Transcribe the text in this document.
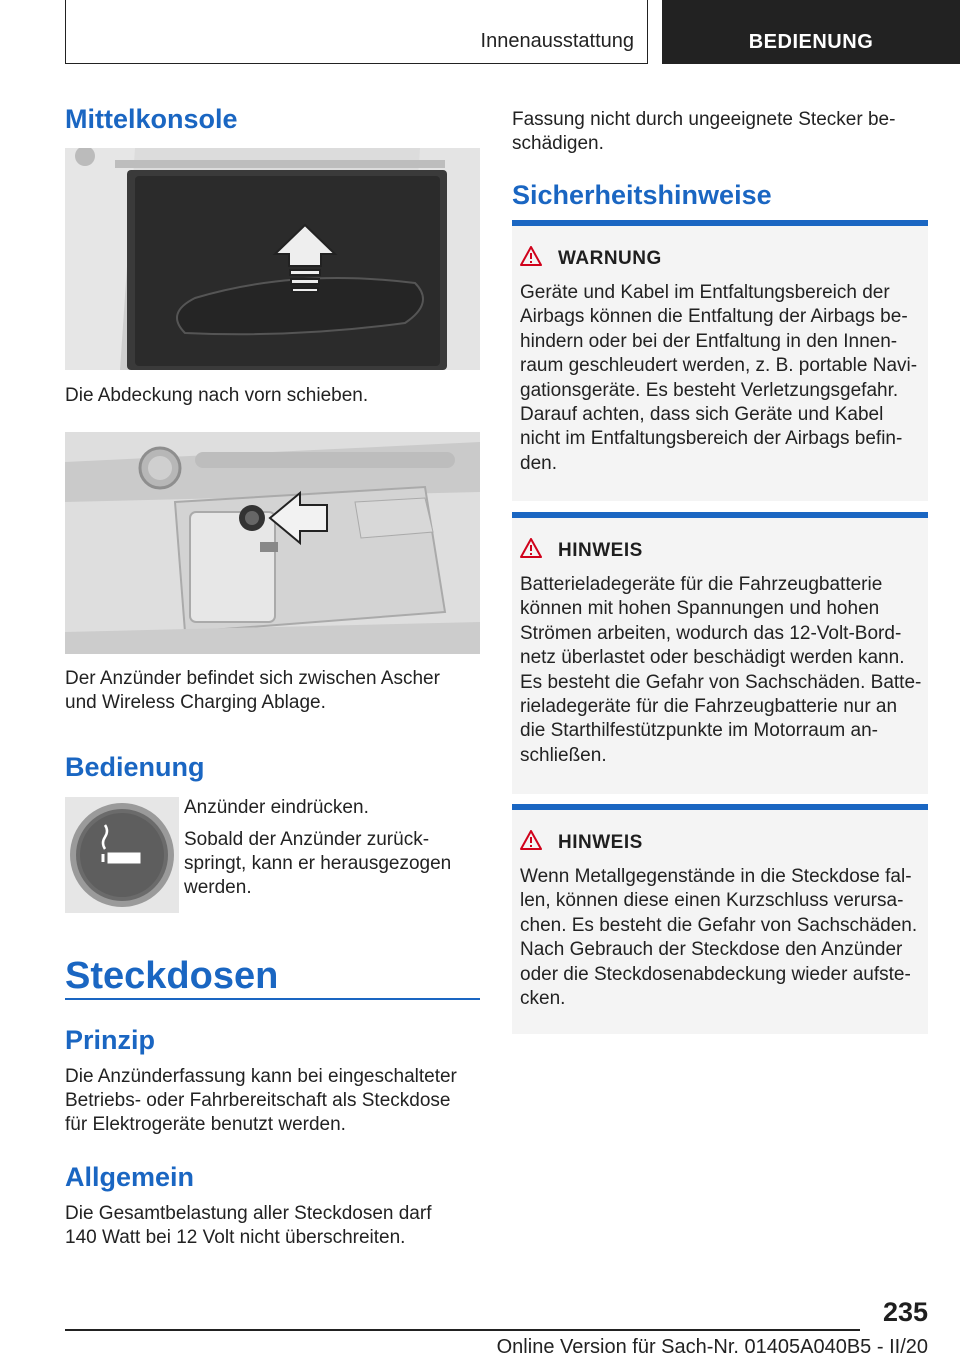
Innenausstattung	BEDIENUNG
Mittelkonsole

Die Abdeckung nach vorn schieben.

Der Anzünder befindet sich zwischen Ascher und Wireless Charging Ablage.

Bedienung

Anzünder eindrücken.

Sobald der Anzünder zurückspringt, kann er herausgezogen werden.

Steckdosen
Prinzip

Die Anzünderfassung kann bei eingeschalteter Betriebs- oder Fahrbereitschaft als Steckdose für Elektrogeräte benutzt werden.

Allgemein

Die Gesamtbelastung aller Steckdosen darf 140 Watt bei 12 Volt nicht überschreiten.

Fassung nicht durch ungeeignete Stecker beschädigen.

Sicherheitshinweise
WARNUNG
Geräte und Kabel im Entfaltungsbereich der Airbags können die Entfaltung der Airbags behindern oder bei der Entfaltung in den Innenraum geschleudert werden, z. B. portable Navigationsgeräte. Es besteht Verletzungsgefahr. Darauf achten, dass sich Geräte und Kabel nicht im Entfaltungsbereich der Airbags befinden.
HINWEIS
Batterieladegeräte für die Fahrzeugbatterie können mit hohen Spannungen und hohen Strömen arbeiten, wodurch das 12-Volt-Bordnetz überlastet oder beschädigt werden kann. Es besteht die Gefahr von Sachschäden. Batterieladegeräte für die Fahrzeugbatterie nur an die Starthilfestützpunkte im Motorraum anschließen.
HINWEIS
Wenn Metallgegenstände in die Steckdose fallen, können diese einen Kurzschluss verursachen. Es besteht die Gefahr von Sachschäden. Nach Gebrauch der Steckdose den Anzünder oder die Steckdosenabdeckung wieder aufstecken.
235
Online Version für Sach-Nr. 01405A040B5 - II/20
